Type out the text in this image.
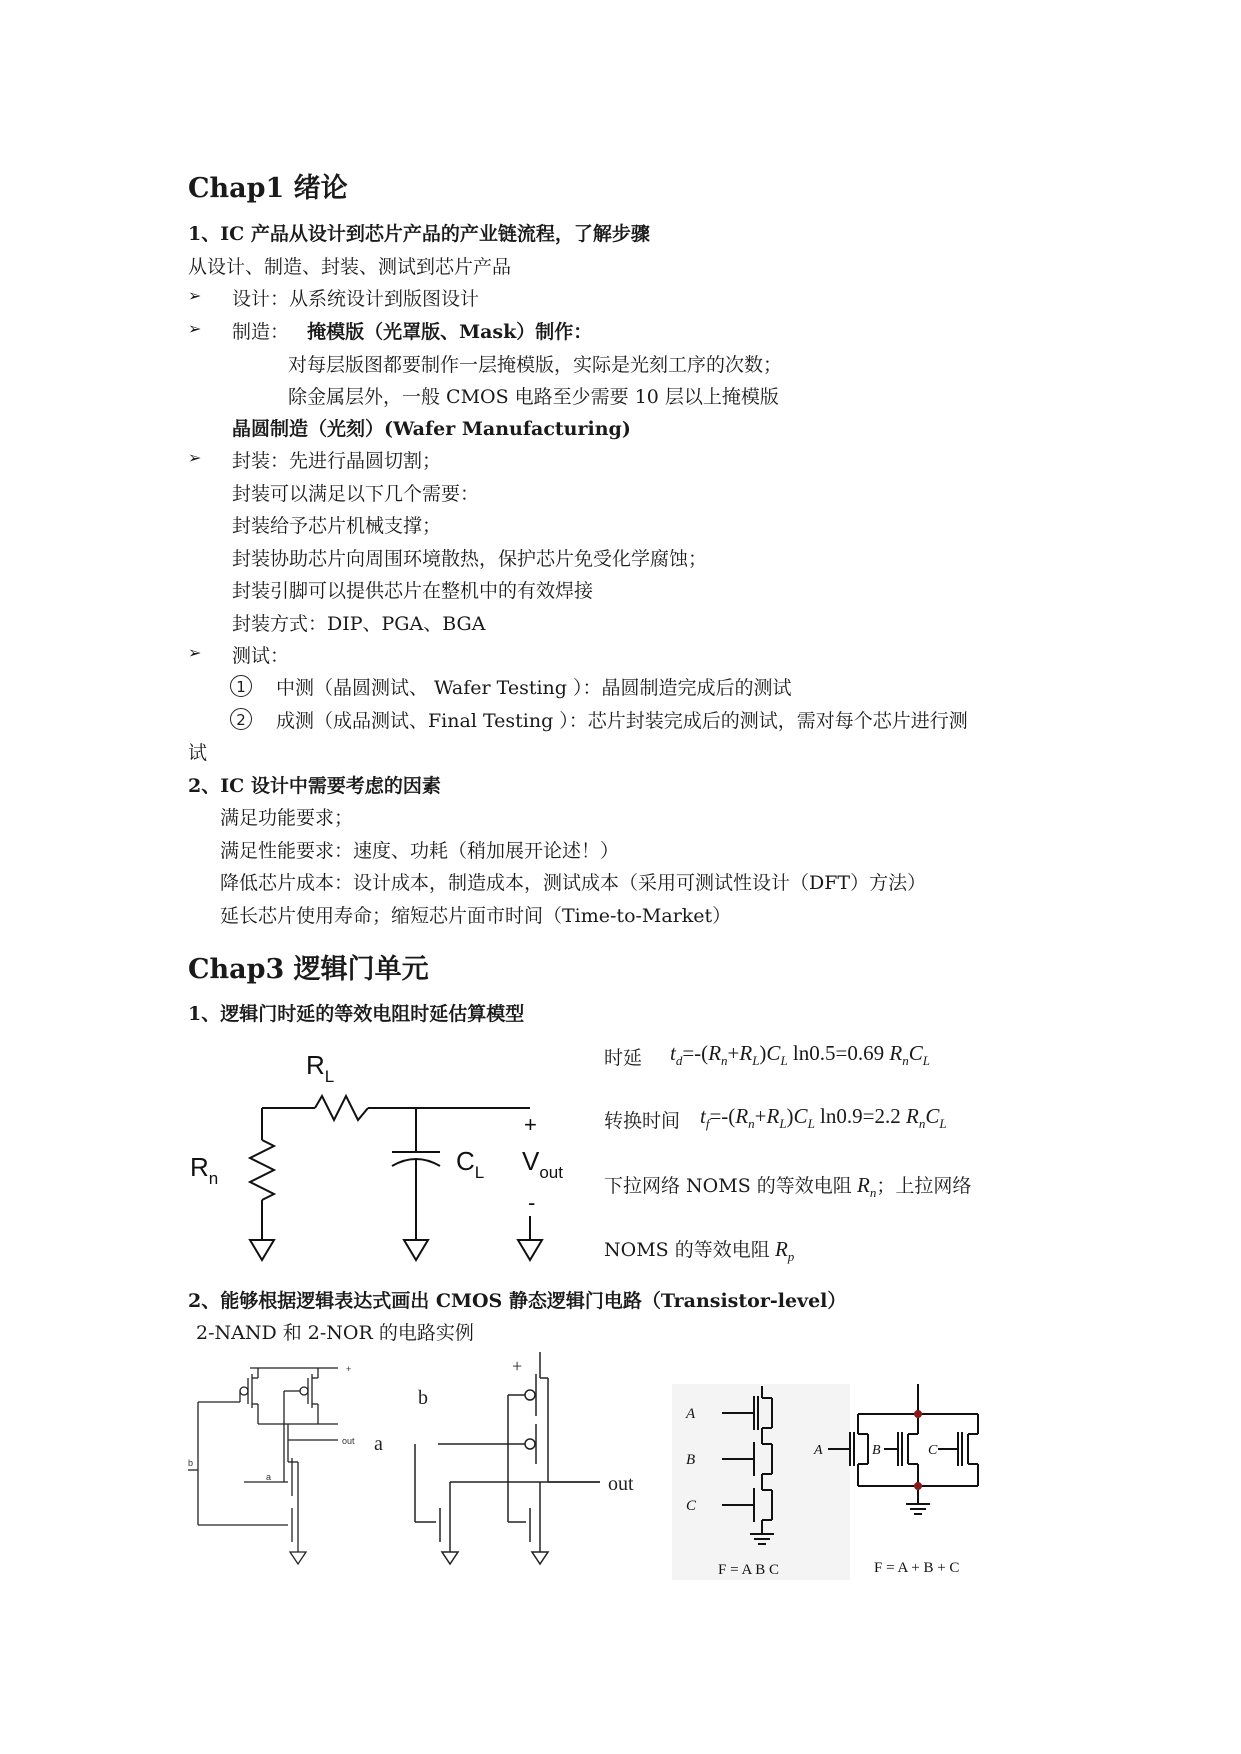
Chap1 绪论
1、IC 产品从设计到芯片产品的产业链流程，了解步骤
从设计、制造、封装、测试到芯片产品
➢ 设计：从系统设计到版图设计
➢ 制造： 掩模版（光罩版、Mask）制作：
对每层版图都要制作一层掩模版，实际是光刻工序的次数；
除金属层外，一般 CMOS 电路至少需要 10 层以上掩模版
晶圆制造（光刻）(Wafer Manufacturing)
➢ 封装：先进行晶圆切割；
封装可以满足以下几个需要：
封装给予芯片机械支撑；
封装协助芯片向周围环境散热，保护芯片免受化学腐蚀；
封装引脚可以提供芯片在整机中的有效焊接
封装方式：DIP、PGA、BGA
➢ 测试：
1	中测（晶圆测试、 Wafer Testing ）：晶圆制造完成后的测试
2	成测（成品测试、Final Testing ）：芯片封装完成后的测试，需对每个芯片进行测
试
2、IC 设计中需要考虑的因素
满足功能要求；
满足性能要求：速度、功耗（稍加展开论述！）
降低芯片成本：设计成本，制造成本，测试成本（采用可测试性设计（DFT）方法）
延长芯片使用寿命；缩短芯片面市时间（Time-to-Market）
Chap3 逻辑门单元
1、逻辑门时延的等效电阻时延估算模型
$R_L$
$R_n$
$C_L$ $V_{out}$
+
-
时延 $t_d=-(R_n+R_L)C_L$ ln0.5=0.69 $R_nC_L$
转换时间 $t_f=-(R_n+R_L)C_L$ ln0.9=2.2 $R_nC_L$
下拉网络 NOMS 的等效电阻 $R_n$；上拉网络
NOMS 的等效电阻 $R_p$
2、能够根据逻辑表达式画出 CMOS 静态逻辑门电路（Transistor-level）
2-NAND 和 2-NOR 的电路实例
+
out
a
b
+
b
a
out
A
B
C
F = A B C
A	B	C
F = A + B + C
